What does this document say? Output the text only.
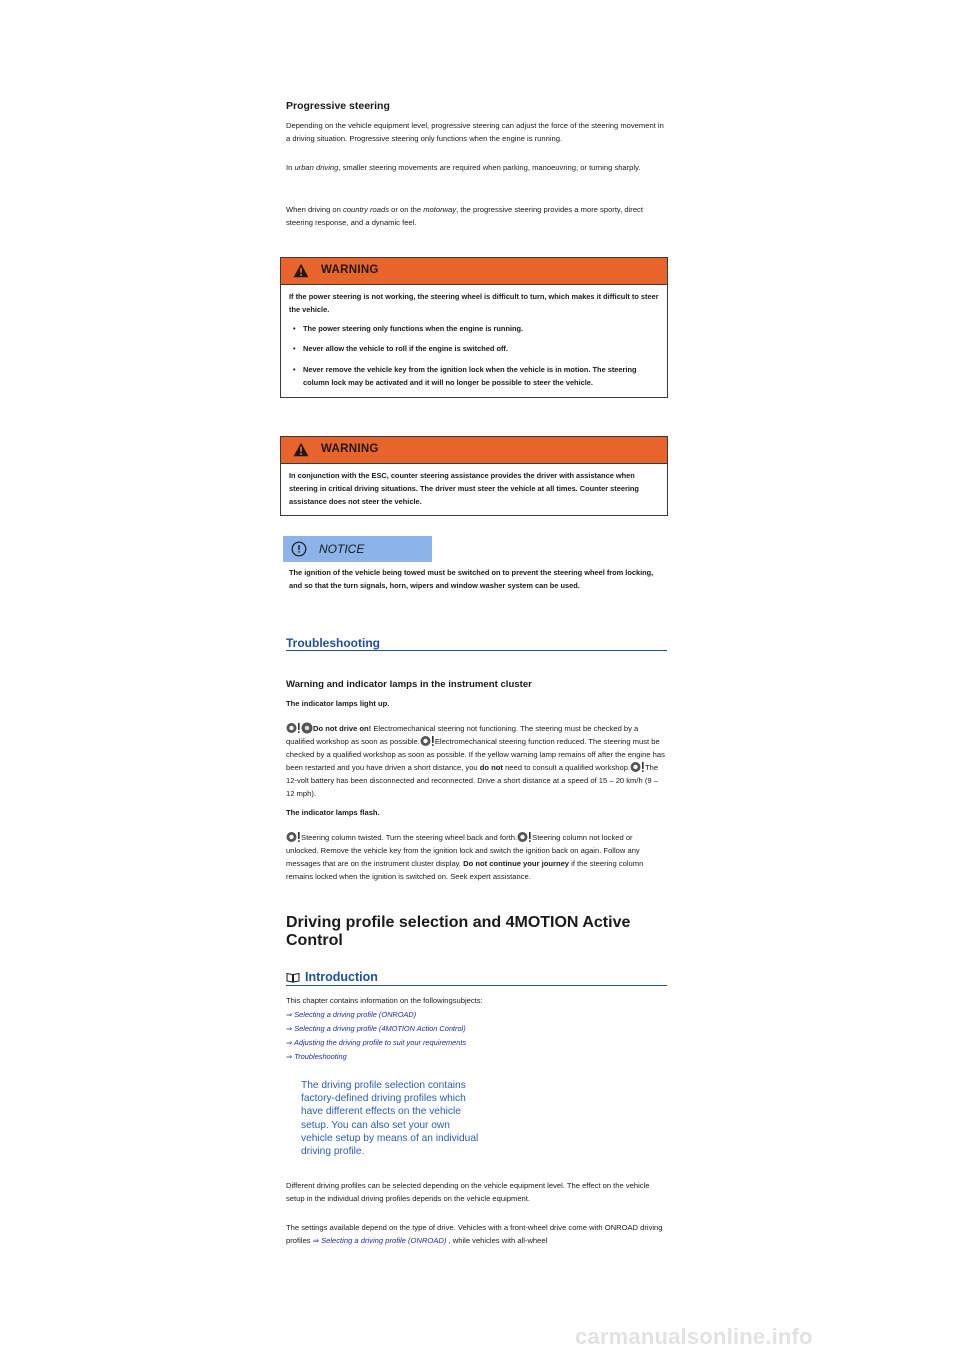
Progressive steering

Depending on the vehicle equipment level, progressive steering can adjust the force of the steering movement in a driving situation. Progressive steering only functions when the engine is running.

In urban driving, smaller steering movements are required when parking, manoeuvring, or turning sharply.

When driving on country roads or on the motorway, the progressive steering provides a more sporty, direct steering response, and a dynamic feel.

WARNING
If the power steering is not working, the steering wheel is difficult to turn, which makes it difficult to steer the vehicle.
• The power steering only functions when the engine is running.
• Never allow the vehicle to roll if the engine is switched off.
• Never remove the vehicle key from the ignition lock when the vehicle is in motion. The steering column lock may be activated and it will no longer be possible to steer the vehicle.
WARNING
In conjunction with the ESC, counter steering assistance provides the driver with assistance when steering in critical driving situations. The driver must steer the vehicle at all times. Counter steering assistance does not steer the vehicle.
NOTICE
The ignition of the vehicle being towed must be switched on to prevent the steering wheel from locking, and so that the turn signals, horn, wipers and window washer system can be used.
Troubleshooting
Warning and indicator lamps in the instrument cluster
The indicator lamps light up.
Do not drive on! Electromechanical steering not functioning. The steering must be checked by a qualified workshop as soon as possible. Electromechanical steering function reduced. The steering must be checked by a qualified workshop as soon as possible. If the yellow warning lamp remains off after the engine has been restarted and you have driven a short distance, you do not need to consult a qualified workshop. The 12-volt battery has been disconnected and reconnected. Drive a short distance at a speed of 15 – 20 km/h (9 – 12 mph).
The indicator lamps flash.
Steering column twisted. Turn the steering wheel back and forth. Steering column not locked or unlocked. Remove the vehicle key from the ignition lock and switch the ignition back on again. Follow any messages that are on the instrument cluster display. Do not continue your journey if the steering column remains locked when the ignition is switched on. Seek expert assistance.
Driving profile selection and 4MOTION Active
Control
Introduction
This chapter contains information on the followingsubjects:
⇒ Selecting a driving profile (ONROAD)
⇒ Selecting a driving profile (4MOTION Action Control)
⇒ Adjusting the driving profile to suit your requirements
⇒ Troubleshooting
The driving profile selection contains
factory-defined driving profiles which
have different effects on the vehicle
setup. You can also set your own
vehicle setup by means of an individual
driving profile.

Different driving profiles can be selected depending on the vehicle equipment level. The effect on the vehicle setup in the individual driving profiles depends on the vehicle equipment.

The settings available depend on the type of drive. Vehicles with a front-wheel drive come with ONROAD driving profiles ⇒ Selecting a driving profile (ONROAD) , while vehicles with all-wheel

carmanualsonline.info
